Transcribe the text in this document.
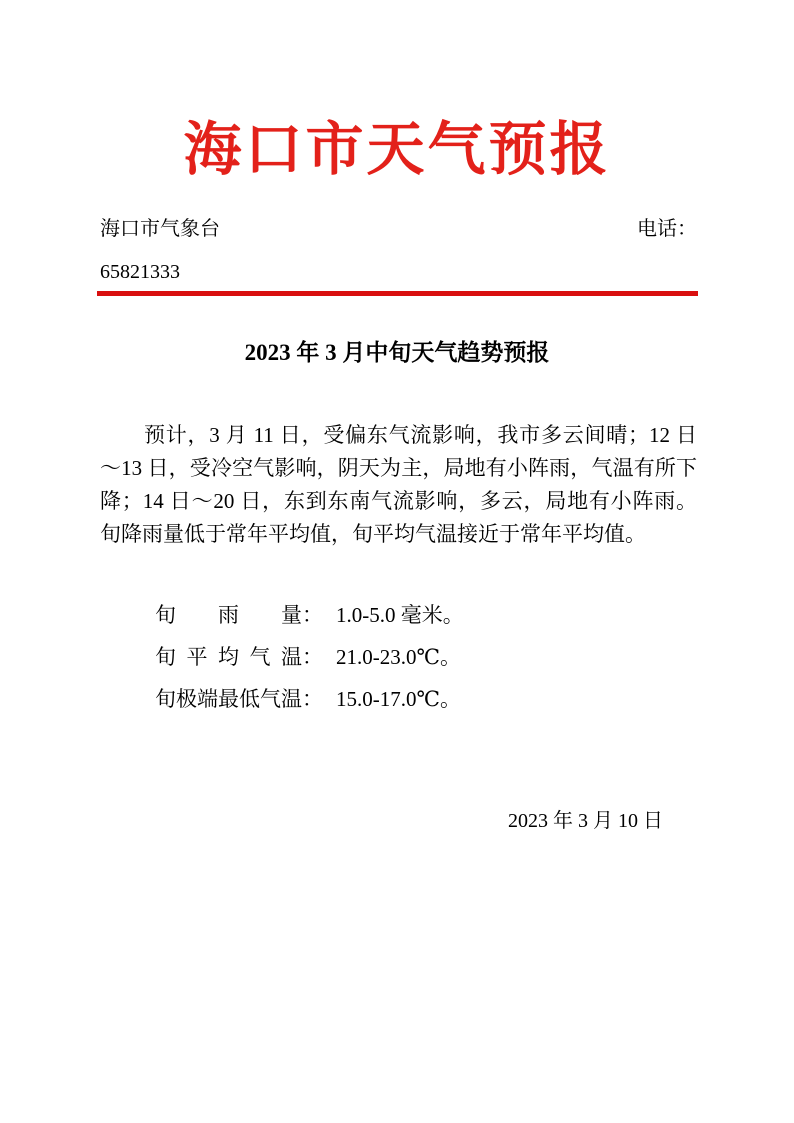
海口市天气预报
海口市气象台	电话：
65821333
2023 年 3 月中旬天气趋势预报
预计，3 月 11 日，受偏东气流影响，我市多云间晴；12 日～13 日，受冷空气影响，阴天为主，局地有小阵雨，气温有所下降；14 日～20 日，东到东南气流影响，多云，局地有小阵雨。旬降雨量低于常年平均值，旬平均气温接近于常年平均值。
旬雨量： 1.0-5.0 毫米。
旬平均气温： 21.0-23.0℃。
旬极端最低气温： 15.0-17.0℃。
2023 年 3 月 10 日
